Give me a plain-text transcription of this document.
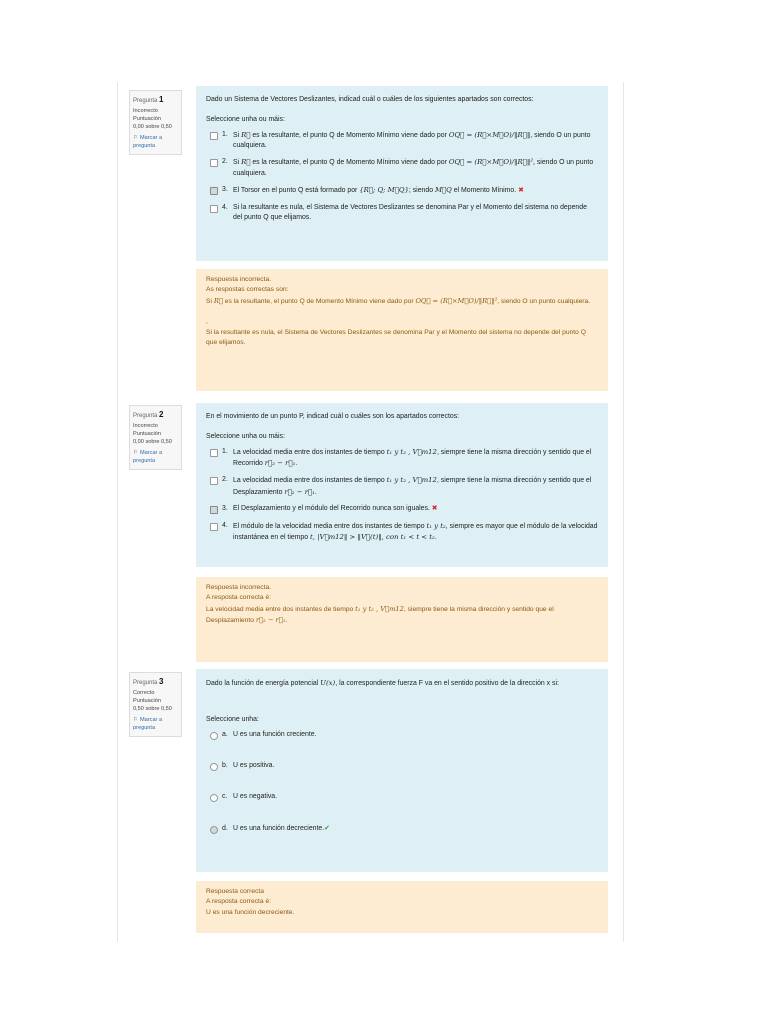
Pregunta 1
Incorrecto
Puntuación
0,00 sobre 0,50
⚐ Marcar a pregunta
Dado un Sistema de Vectores Deslizantes, indicad cuál o cuáles de los siguientes apartados son correctos:
Seleccione unha ou máis:
1. Si R⃗ es la resultante, el punto Q de Momento Mínimo viene dado por OQ⃗ = (R⃗×M⃗O)/‖R⃗‖, siendo O un punto cualquiera.
2. Si R⃗ es la resultante, el punto Q de Momento Mínimo viene dado por OQ⃗ = (R⃗×M⃗O)/‖R⃗‖², siendo O un punto cualquiera.
3. El Torsor en el punto Q está formado por {R⃗; Q; M⃗Q}; siendo M⃗Q el Momento Mínimo. ✖
4. Si la resultante es nula, el Sistema de Vectores Deslizantes se denomina Par y el Momento del sistema no depende del punto Q que elijamos.
Respuesta incorrecta.
As respostas correctas son:
Si R⃗ es la resultante, el punto Q de Momento Mínimo viene dado por OQ⃗ = (R⃗×M⃗O)/‖R⃗‖², siendo O un punto cualquiera.
,
Si la resultante es nula, el Sistema de Vectores Deslizantes se denomina Par y el Momento del sistema no depende del punto Q que elijamos.
Pregunta 2
Incorrecto
Puntuación
0,00 sobre 0,50
⚐ Marcar a pregunta
En el movimiento de un punto P, indicad cuál o cuáles son los apartados correctos:
Seleccione unha ou máis:
1. La velocidad media entre dos instantes de tiempo t₁ y t₂ , V⃗m12, siempre tiene la misma dirección y sentido que el Recorrido r⃗₂ − r⃗₁.
2. La velocidad media entre dos instantes de tiempo t₁ y t₂ , V⃗m12, siempre tiene la misma dirección y sentido que el Desplazamiento r⃗₂ − r⃗₁.
3. El Desplazamiento y el módulo del Recorrido nunca son iguales. ✖
4. El módulo de la velocidad media entre dos instantes de tiempo t₁ y t₂, siempre es mayor que el módulo de la velocidad instantánea en el tiempo t, |V⃗m12‖ > ‖V⃗(t)‖, con t₁ < t < t₂.
Respuesta incorrecta.
A resposta correcta é:
La velocidad media entre dos instantes de tiempo t₁ y t₂ , V⃗m12, siempre tiene la misma dirección y sentido que el Desplazamiento r⃗₂ − r⃗₁.
Pregunta 3
Correcto
Puntuación
0,50 sobre 0,50
⚐ Marcar a pregunta
Dado la función de energía potencial U(x), la correspondiente fuerza F va en el sentido positivo de la dirección x si:
Seleccione unha:
a. U es una función creciente.
b. U es positiva.
c. U es negativa.
d. U es una función decreciente.✔
Respuesta correcta
A resposta correcta é:
U es una función decreciente.
